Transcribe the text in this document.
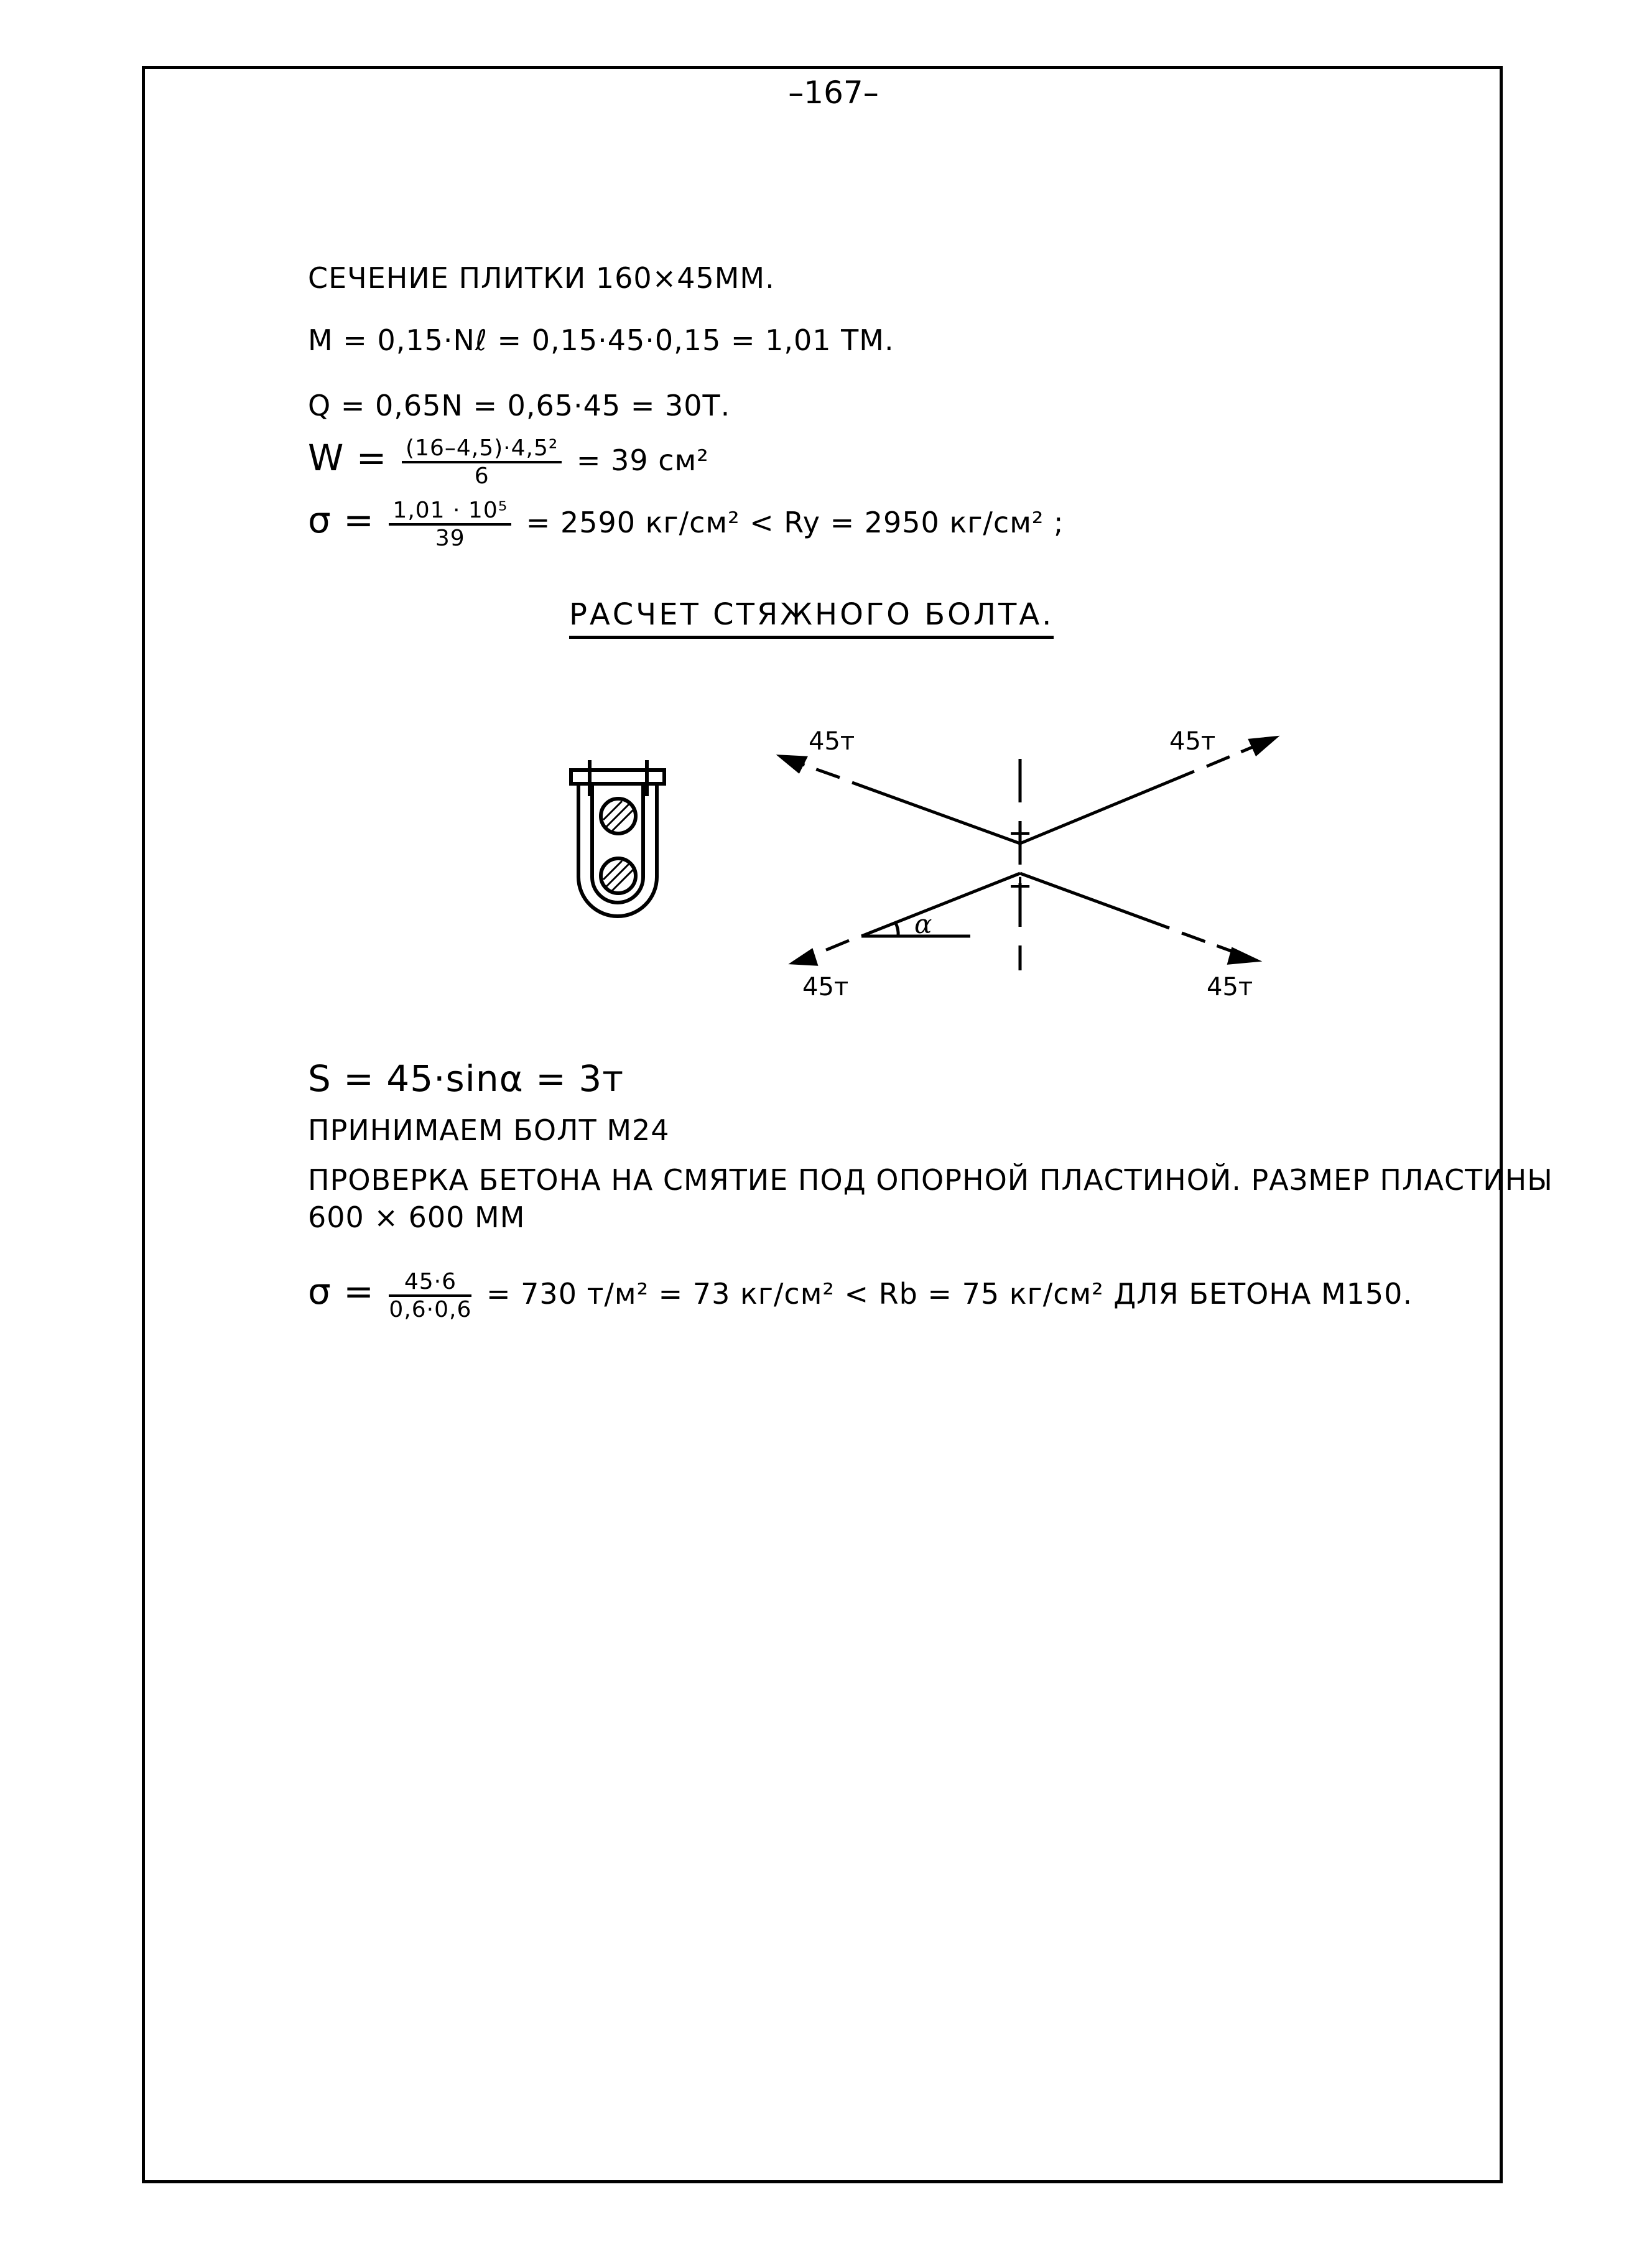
–167–
СЕЧЕНИЕ ПЛИТКИ 160×45ММ.
M = 0,15·Nℓ = 0,15·45·0,15 = 1,01 ТМ.
Q = 0,65N = 0,65·45 = 30Т.
$W = \frac{\text{(16–4,5)·4,5²}}{6} = 39$ см²
$\sigma = \frac{\text{1,01 · 10⁵}}{39} = 2590$ кг/см² < Ry = 2950 кг/см² ;
РАСЧЕТ СТЯЖНОГО БОЛТА.
45т	45т
45т	45т
α
+
+
S = 45·sinα = 3т
ПРИНИМАЕМ БОЛТ М24
ПРОВЕРКА БЕТОНА НА СМЯТИЕ ПОД ОПОРНОЙ ПЛАСТИНОЙ. РАЗМЕР ПЛАСТИНЫ
600 × 600 ММ
$\sigma = \frac{45\cdot 6}{0,6\cdot 0,6} = 730$ т/м² = 73 кг/см² < Rb = 75 кг/см² ДЛЯ БЕТОНА М150.
